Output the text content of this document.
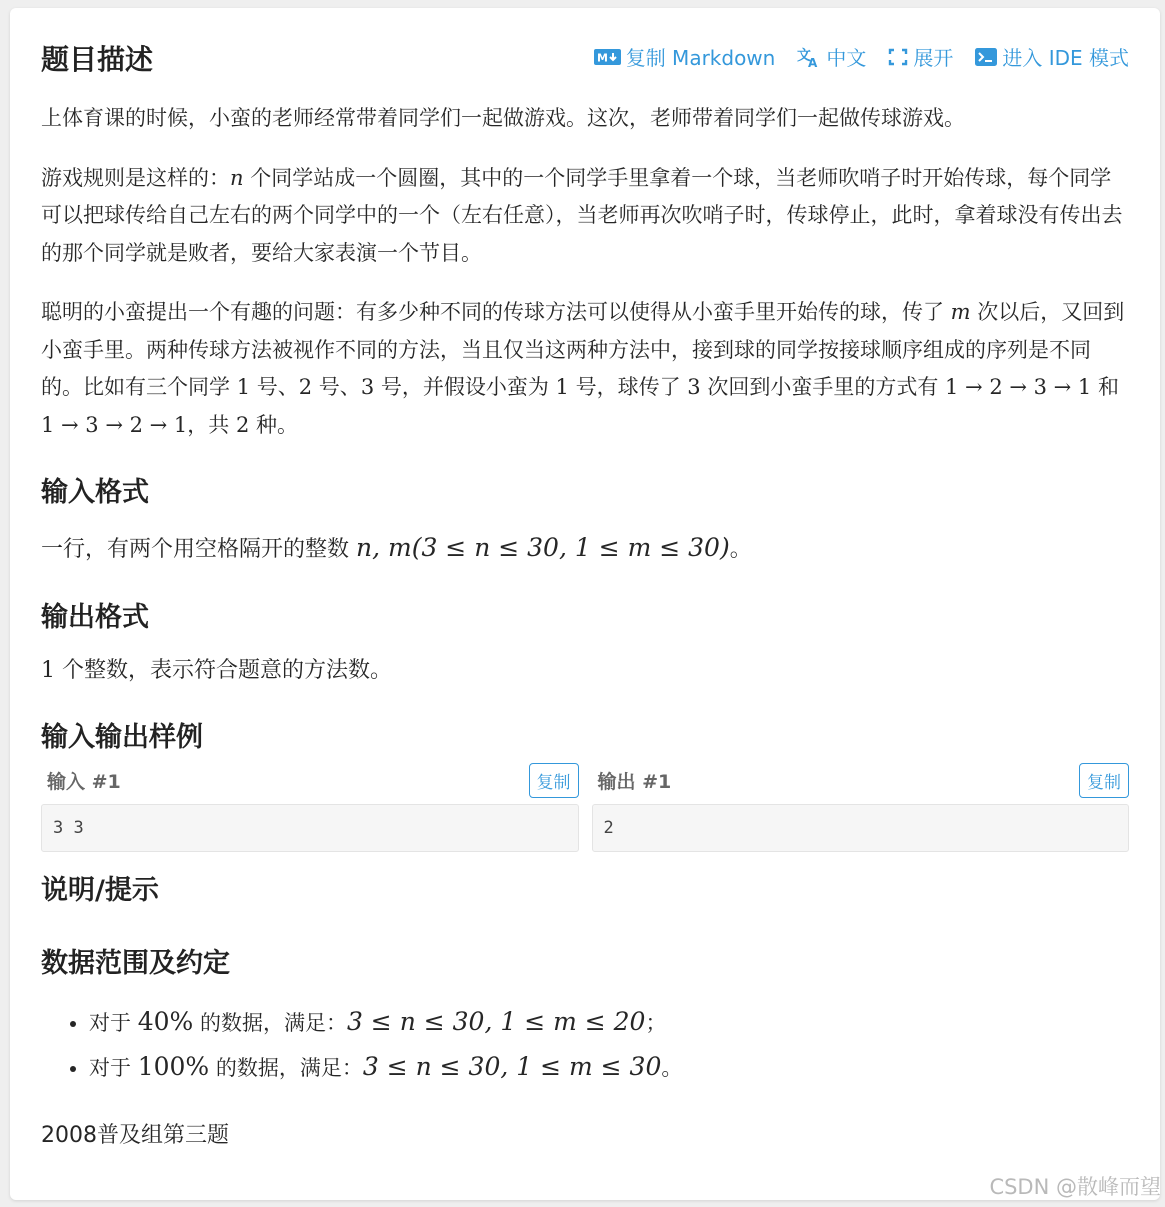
题目描述	M 复制 Markdown 文
A 中文 展开 进入 IDE 模式

上体育课的时候，小蛮的老师经常带着同学们一起做游戏。这次，老师带着同学们一起做传球游戏。

游戏规则是这样的：n 个同学站成一个圆圈，其中的一个同学手里拿着一个球，当老师吹哨子时开始传球，每个同学可以把球传给自己左右的两个同学中的一个（左右任意），当老师再次吹哨子时，传球停止，此时，拿着球没有传出去的那个同学就是败者，要给大家表演一个节目。

聪明的小蛮提出一个有趣的问题：有多少种不同的传球方法可以使得从小蛮手里开始传的球，传了 m 次以后，又回到小蛮手里。两种传球方法被视作不同的方法，当且仅当这两种方法中，接到球的同学按接球顺序组成的序列是不同的。比如有三个同学 1 号、2 号、3 号，并假设小蛮为 1 号，球传了 3 次回到小蛮手里的方式有 1 → 2 → 3 → 1 和 1 → 3 → 2 → 1，共 2 种。

输入格式

一行，有两个用空格隔开的整数 n, m(3 ≤ n ≤ 30, 1 ≤ m ≤ 30)。

输出格式

1 个整数，表示符合题意的方法数。

输入输出样例
输入 #1	复制
3 3
输出 #1	复制
2
说明/提示
数据范围及约定
• 对于 40% 的数据，满足：3 ≤ n ≤ 30, 1 ≤ m ≤ 20；
• 对于 100% 的数据，满足：3 ≤ n ≤ 30, 1 ≤ m ≤ 30。
2008普及组第三题
CSDN @散峰而望
